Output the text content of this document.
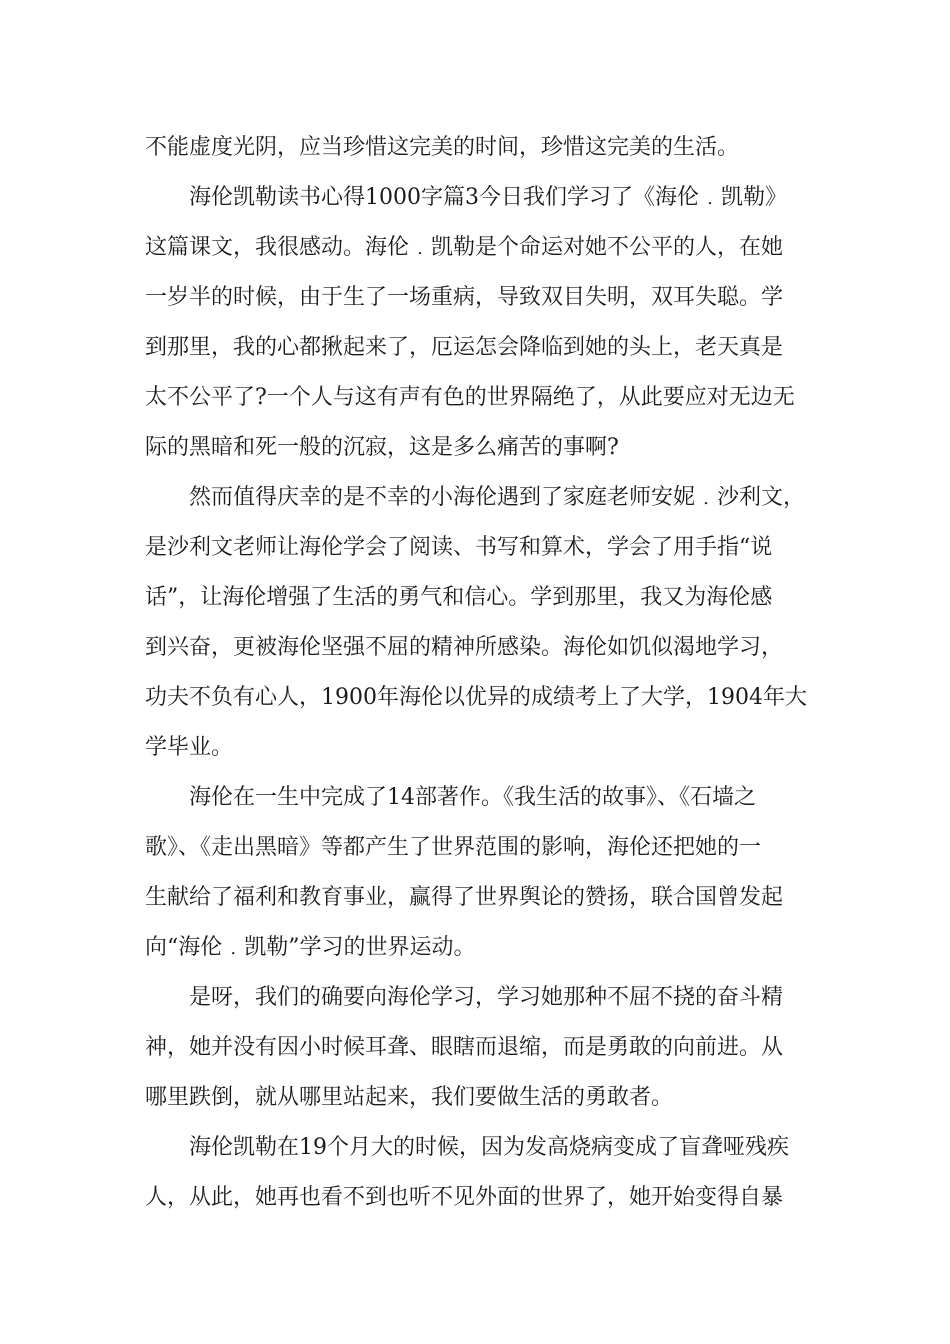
不能虚度光阴，应当珍惜这完美的时间，珍惜这完美的生活。

海伦凯勒读书心得1000字篇3今日我们学习了《海伦﹒凯勒》

这篇课文，我很感动。海伦﹒凯勒是个命运对她不公平的人，在她

一岁半的时候，由于生了一场重病，导致双目失明，双耳失聪。学

到那里，我的心都揪起来了，厄运怎会降临到她的头上，老天真是

太不公平了?一个人与这有声有色的世界隔绝了，从此要应对无边无

际的黑暗和死一般的沉寂，这是多么痛苦的事啊?

然而值得庆幸的是不幸的小海伦遇到了家庭老师安妮﹒沙利文，

是沙利文老师让海伦学会了阅读、书写和算术，学会了用手指“说

话”，让海伦增强了生活的勇气和信心。学到那里，我又为海伦感

到兴奋，更被海伦坚强不屈的精神所感染。海伦如饥似渴地学习，

功夫不负有心人，1900年海伦以优异的成绩考上了大学，1904年大

学毕业。

海伦在一生中完成了14部著作。《我生活的故事》、《石墙之

歌》、《走出黑暗》等都产生了世界范围的影响，海伦还把她的一

生献给了福利和教育事业，赢得了世界舆论的赞扬，联合国曾发起

向“海伦﹒凯勒”学习的世界运动。

是呀，我们的确要向海伦学习，学习她那种不屈不挠的奋斗精

神，她并没有因小时候耳聋、眼瞎而退缩，而是勇敢的向前进。从

哪里跌倒，就从哪里站起来，我们要做生活的勇敢者。

海伦凯勒在19个月大的时候，因为发高烧病变成了盲聋哑残疾

人，从此，她再也看不到也听不见外面的世界了，她开始变得自暴
